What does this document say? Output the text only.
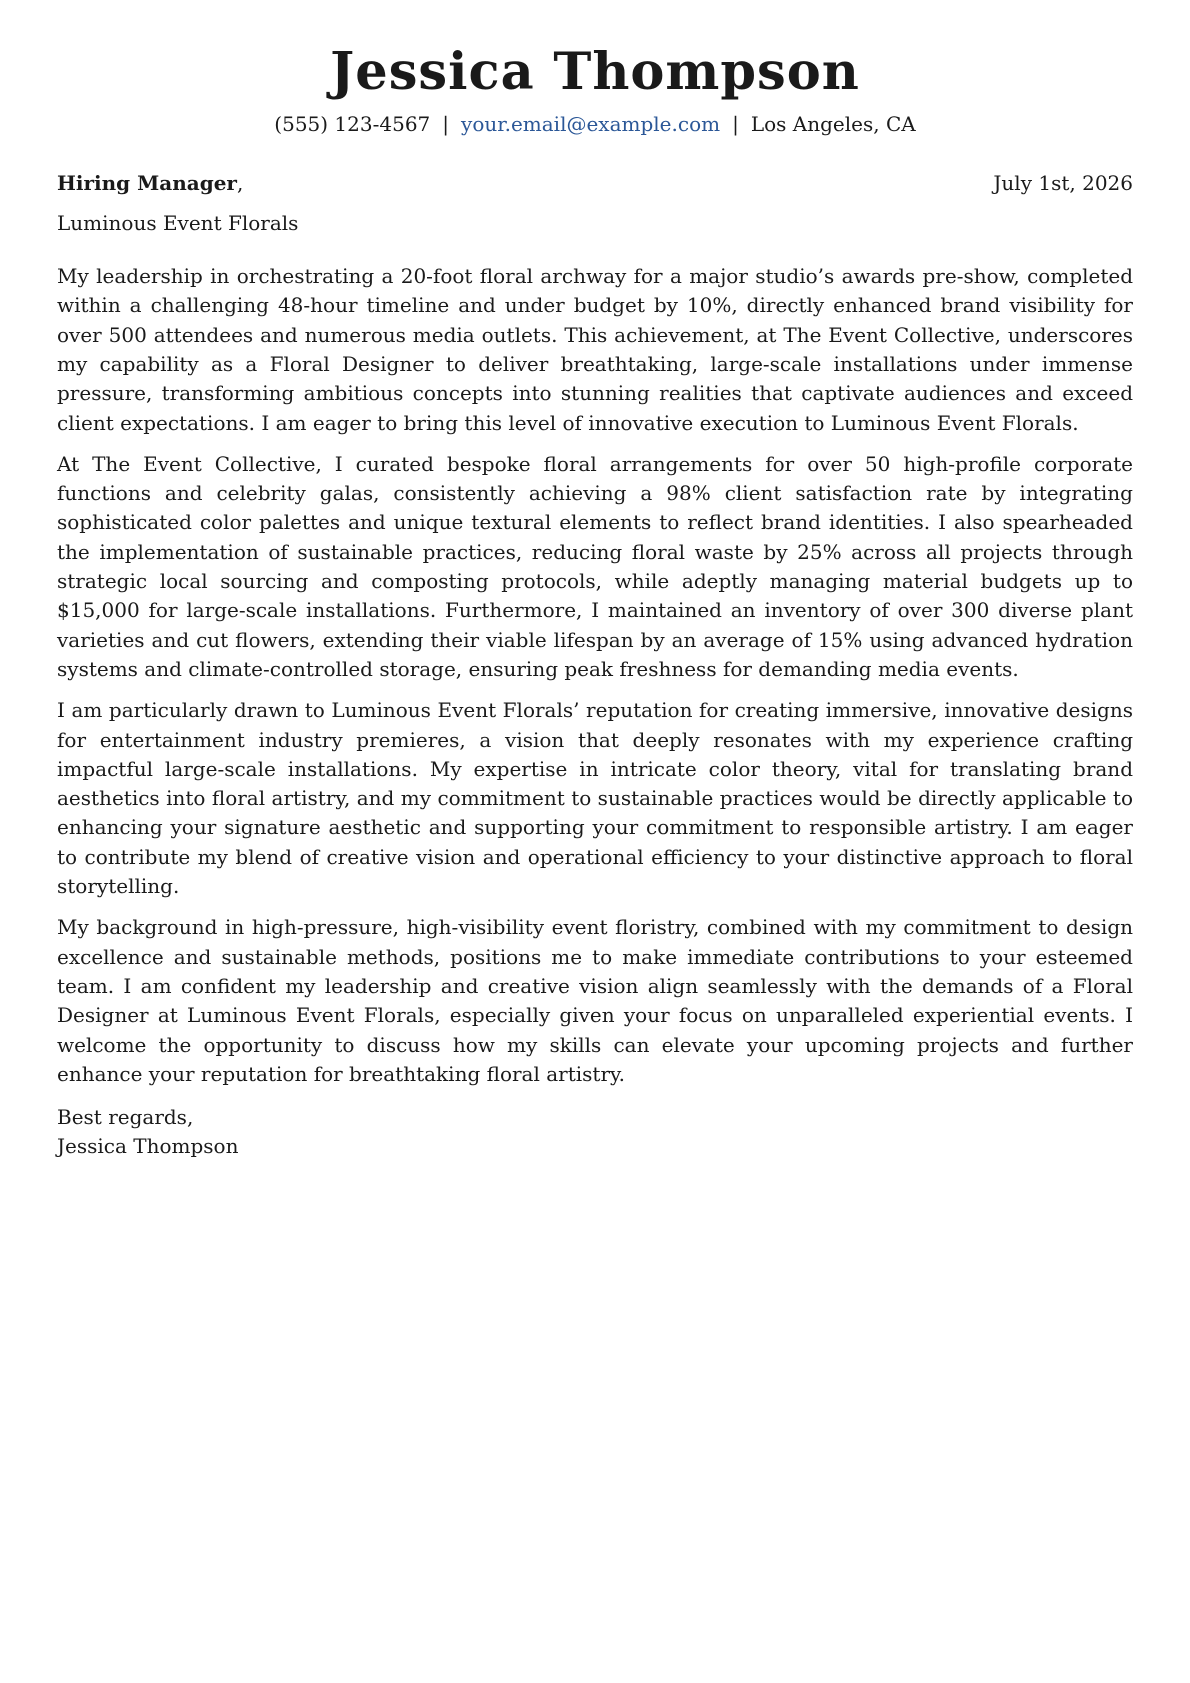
Jessica Thompson
(555) 123-4567 | your.email@example.com | Los Angeles, CA
Hiring Manager,	July 1st, 2026
Luminous Event Florals

My leadership in orchestrating a 20-foot floral archway for a major studio’s awards pre-show, completed within a challenging 48-hour timeline and under budget by 10%, directly enhanced brand visibility for over 500 attendees and numerous media outlets. This achievement, at The Event Collective, underscores my capability as a Floral Designer to deliver breathtaking, large-scale installations under immense pressure, transforming ambitious concepts into stunning realities that captivate audiences and exceed client expectations. I am eager to bring this level of innovative execution to Luminous Event Florals.

At The Event Collective, I curated bespoke floral arrangements for over 50 high-profile corporate functions and celebrity galas, consistently achieving a 98% client satisfaction rate by integrating sophisticated color palettes and unique textural elements to reflect brand identities. I also spearheaded the implementation of sustainable practices, reducing floral waste by 25% across all projects through strategic local sourcing and composting protocols, while adeptly managing material budgets up to $15,000 for large-scale installations. Furthermore, I maintained an inventory of over 300 diverse plant varieties and cut flowers, extending their viable lifespan by an average of 15% using advanced hydration systems and climate-controlled storage, ensuring peak freshness for demanding media events.

I am particularly drawn to Luminous Event Florals’ reputation for creating immersive, innovative designs for entertainment industry premieres, a vision that deeply resonates with my experience crafting impactful large-scale installations. My expertise in intricate color theory, vital for translating brand aesthetics into floral artistry, and my commitment to sustainable practices would be directly applicable to enhancing your signature aesthetic and supporting your commitment to responsible artistry. I am eager to contribute my blend of creative vision and operational efficiency to your distinctive approach to floral storytelling.

My background in high-pressure, high-visibility event floristry, combined with my commitment to design excellence and sustainable methods, positions me to make immediate contributions to your esteemed team. I am confident my leadership and creative vision align seamlessly with the demands of a Floral Designer at Luminous Event Florals, especially given your focus on unparalleled experiential events. I welcome the opportunity to discuss how my skills can elevate your upcoming projects and further enhance your reputation for breathtaking floral artistry.

Best regards,
Jessica Thompson
